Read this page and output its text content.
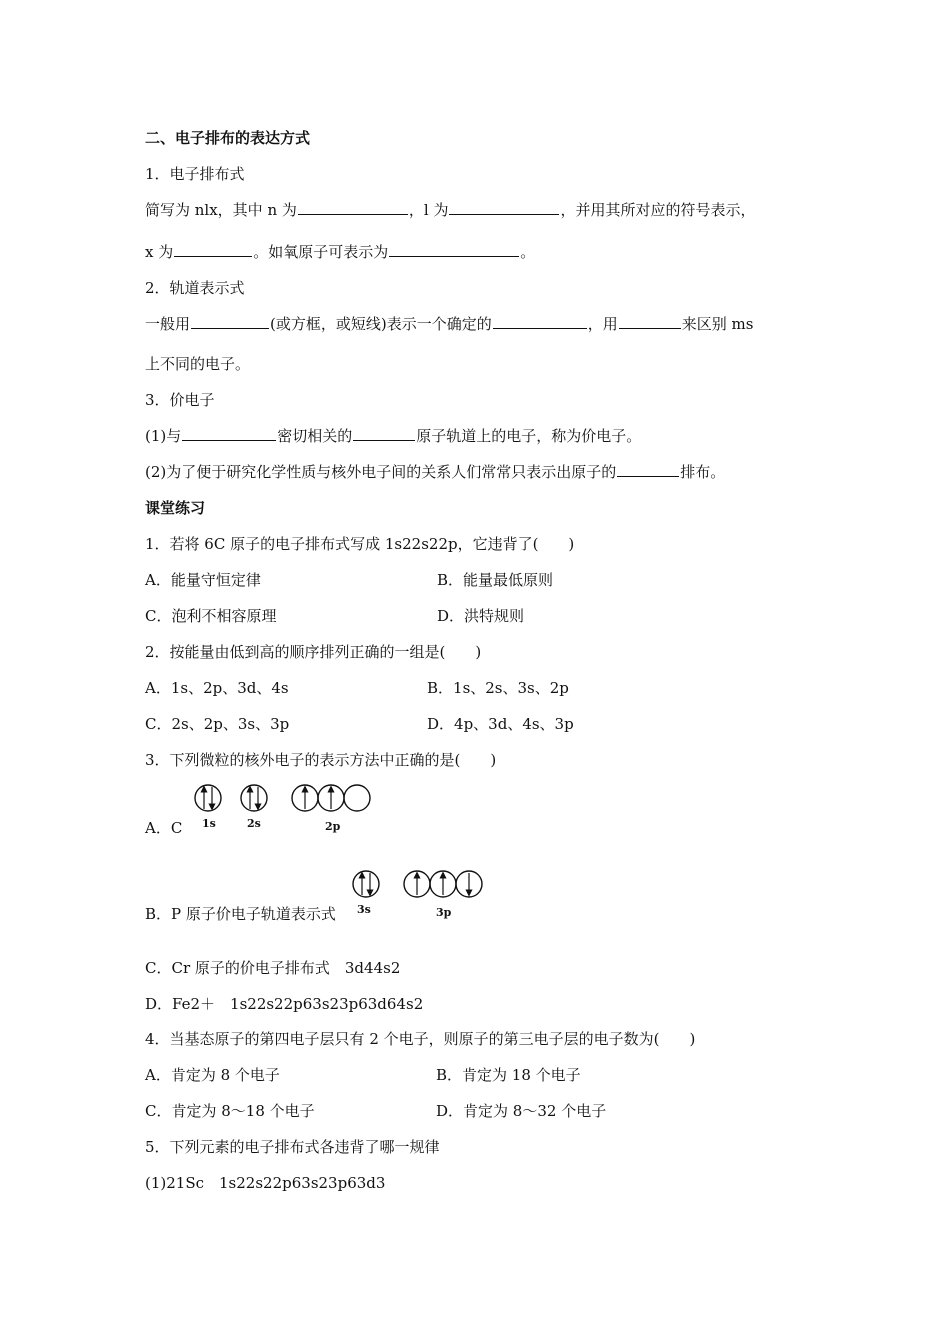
二、电子排布的表达方式
1．电子排布式
简写为 nlx，其中 n 为	，l 为	，并用其所对应的符号表示，
x 为	。如氧原子可表示为	。
2．轨道表示式
一般用	(或方框，或短线)表示一个确定的	，用	来区别 ms
上不同的电子。
3．价电子
(1)与	密切相关的	原子轨道上的电子，称为价电子。
(2)为了便于研究化学性质与核外电子间的关系人们常常只表示出原子的	排布。
课堂练习
1．若将 6C 原子的电子排布式写成 1s22s22p，它违背了(　　)
A．能量守恒定律	B．能量最低原则
C．泡利不相容原理	D．洪特规则
2．按能量由低到高的顺序排列正确的一组是(　　)
A．1s、2p、3d、4s	B．1s、2s、3s、2p
C．2s、2p、3s、3p	D．4p、3d、4s、3p
3．下列微粒的核外电子的表示方法中正确的是(　　)
A．C 1s	2s	2p
B．P 原子价电子轨道表示式 3s	3p
C．Cr 原子的价电子排布式　3d44s2
D．Fe2＋　1s22s22p63s23p63d64s2
4．当基态原子的第四电子层只有 2 个电子，则原子的第三电子层的电子数为(　　)
A．肯定为 8 个电子	B．肯定为 18 个电子
C．肯定为 8～18 个电子	D．肯定为 8～32 个电子
5．下列元素的电子排布式各违背了哪一规律
(1)21Sc　1s22s22p63s23p63d3
